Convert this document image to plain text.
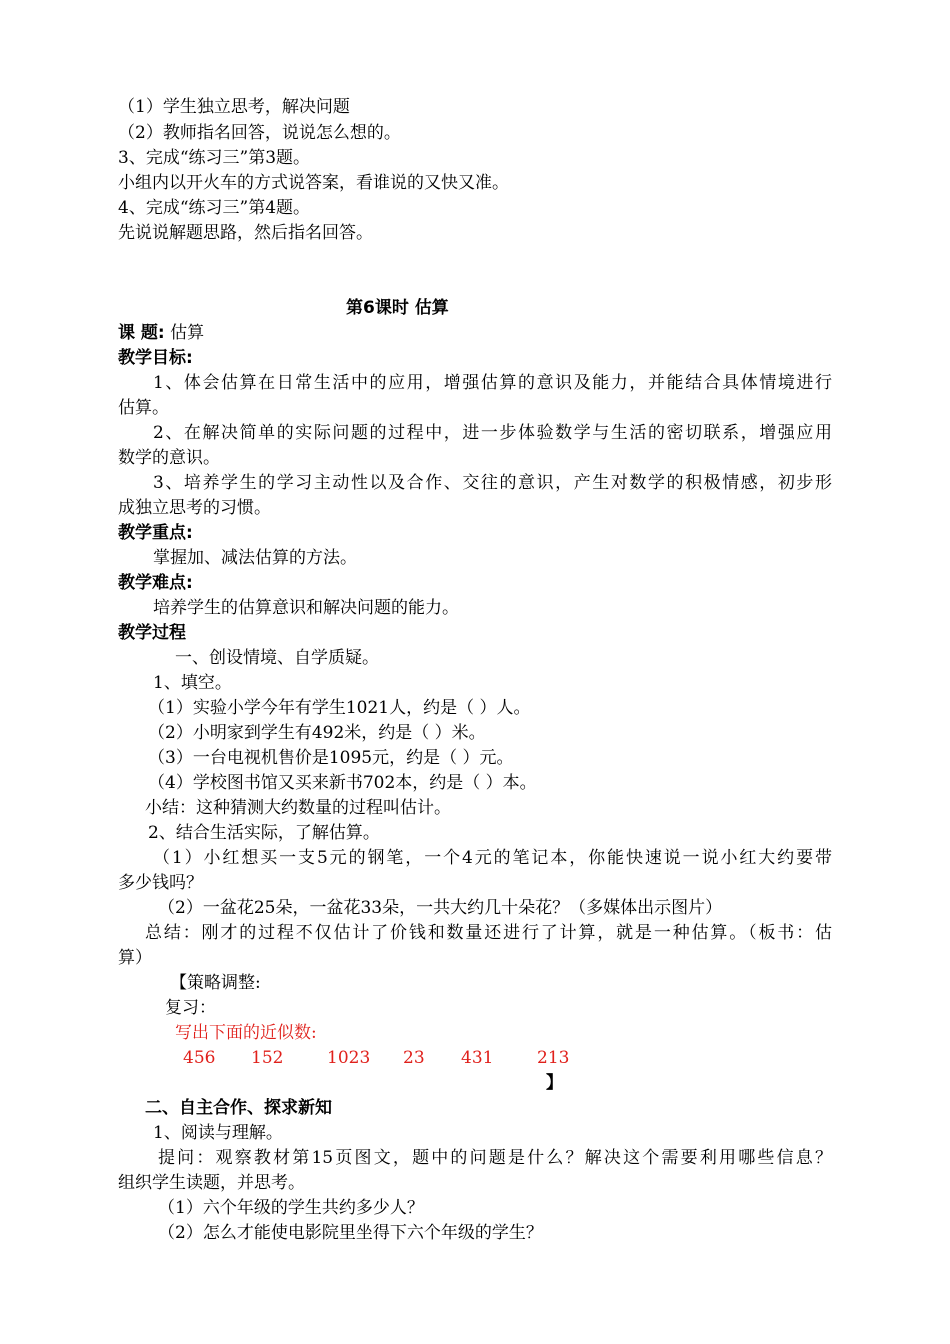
（1）学生独立思考，解决问题
（2）教师指名回答，说说怎么想的。
3、完成“练习三”第3题。
小组内以开火车的方式说答案，看谁说的又快又准。
4、完成“练习三”第4题。
先说说解题思路，然后指名回答。
第6课时 估算
课 题: 估算
教学目标:
1、体会估算在日常生活中的应用，增强估算的意识及能力，并能结合具体情境进行
估算。
2、在解决简单的实际问题的过程中，进一步体验数学与生活的密切联系，增强应用
数学的意识。
3、培养学生的学习主动性以及合作、交往的意识，产生对数学的积极情感，初步形
成独立思考的习惯。
教学重点:
掌握加、减法估算的方法。
教学难点:
培养学生的估算意识和解决问题的能力。
教学过程
一、创设情境、自学质疑。
1、填空。
（1）实验小学今年有学生1021人，约是（ ）人。
（2）小明家到学生有492米，约是（ ）米。
（3）一台电视机售价是1095元，约是（ ）元。
（4）学校图书馆又买来新书702本，约是（ ）本。
小结：这种猜测大约数量的过程叫估计。
2、结合生活实际，了解估算。
（1）小红想买一支5元的钢笔，一个4元的笔记本，你能快速说一说小红大约要带
多少钱吗？
（2）一盆花25朵，一盆花33朵，一共大约几十朵花？（多媒体出示图片）
总结：刚才的过程不仅估计了价钱和数量还进行了计算，就是一种估算。（板书：估
算）
【策略调整:
复习：
写出下面的近似数:
456 152	1023 23 431	213
】
二、自主合作、探求新知
1、阅读与理解。
提问：观察教材第15页图文，题中的问题是什么？解决这个需要利用哪些信息？
组织学生读题，并思考。
（1）六个年级的学生共约多少人？
（2）怎么才能使电影院里坐得下六个年级的学生？
